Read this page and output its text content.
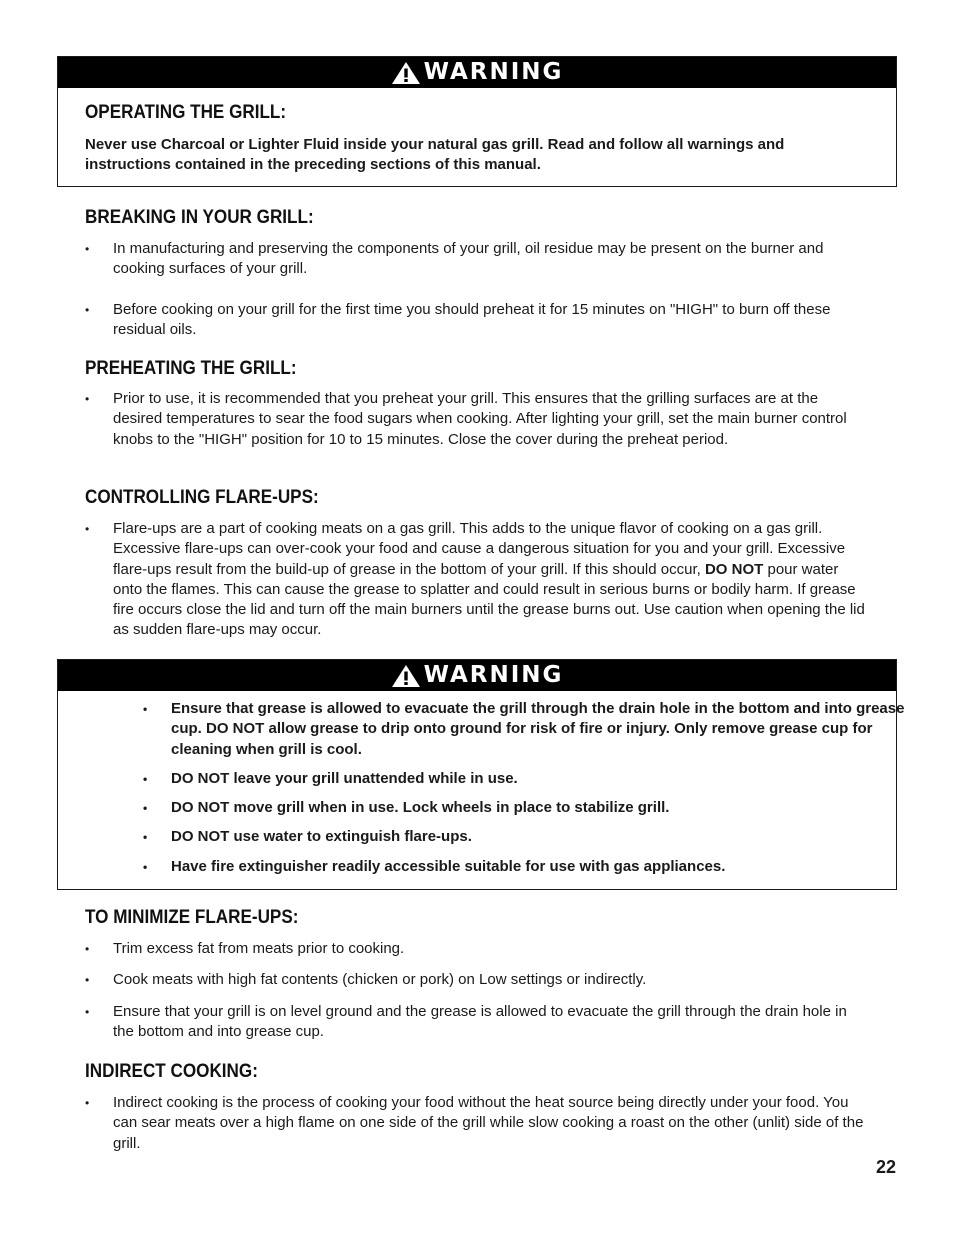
WARNING
OPERATING THE GRILL:

Never use Charcoal or Lighter Fluid inside your natural gas grill. Read and follow all warnings and instructions contained in the preceding sections of this manual.

BREAKING IN YOUR GRILL:
• In manufacturing and preserving the components of your grill, oil residue may be present on the burner and cooking surfaces of your grill.
• Before cooking on your grill for the first time you should preheat it for 15 minutes on "HIGH" to burn off these residual oils.
PREHEATING THE GRILL:
• Prior to use, it is recommended that you preheat your grill. This ensures that the grilling surfaces are at the desired temperatures to sear the food sugars when cooking. After lighting your grill, set the main burner control knobs to the "HIGH" position for 10 to 15 minutes. Close the cover during the preheat period.
CONTROLLING FLARE-UPS:
• Flare-ups are a part of cooking meats on a gas grill. This adds to the unique flavor of cooking on a gas grill. Excessive flare-ups can over-cook your food and cause a dangerous situation for you and your grill. Excessive flare-ups result from the build-up of grease in the bottom of your grill. If this should occur, DO NOT pour water onto the flames. This can cause the grease to splatter and could result in serious burns or bodily harm. If grease fire occurs close the lid and turn off the main burners until the grease burns out. Use caution when opening the lid as sudden flare-ups may occur.
WARNING
• Ensure that grease is allowed to evacuate the grill through the drain hole in the bottom and into grease cup. DO NOT allow grease to drip onto ground for risk of fire or injury. Only remove grease cup for cleaning when grill is cool.
• DO NOT leave your grill unattended while in use.
• DO NOT move grill when in use. Lock wheels in place to stabilize grill.
• DO NOT use water to extinguish flare-ups.
• Have fire extinguisher readily accessible suitable for use with gas appliances.
TO MINIMIZE FLARE-UPS:
• Trim excess fat from meats prior to cooking.
• Cook meats with high fat contents (chicken or pork) on Low settings or indirectly.
• Ensure that your grill is on level ground and the grease is allowed to evacuate the grill through the drain hole in the bottom and into grease cup.
INDIRECT COOKING:
• Indirect cooking is the process of cooking your food without the heat source being directly under your food. You can sear meats over a high flame on one side of the grill while slow cooking a roast on the other (unlit) side of the grill.
22
